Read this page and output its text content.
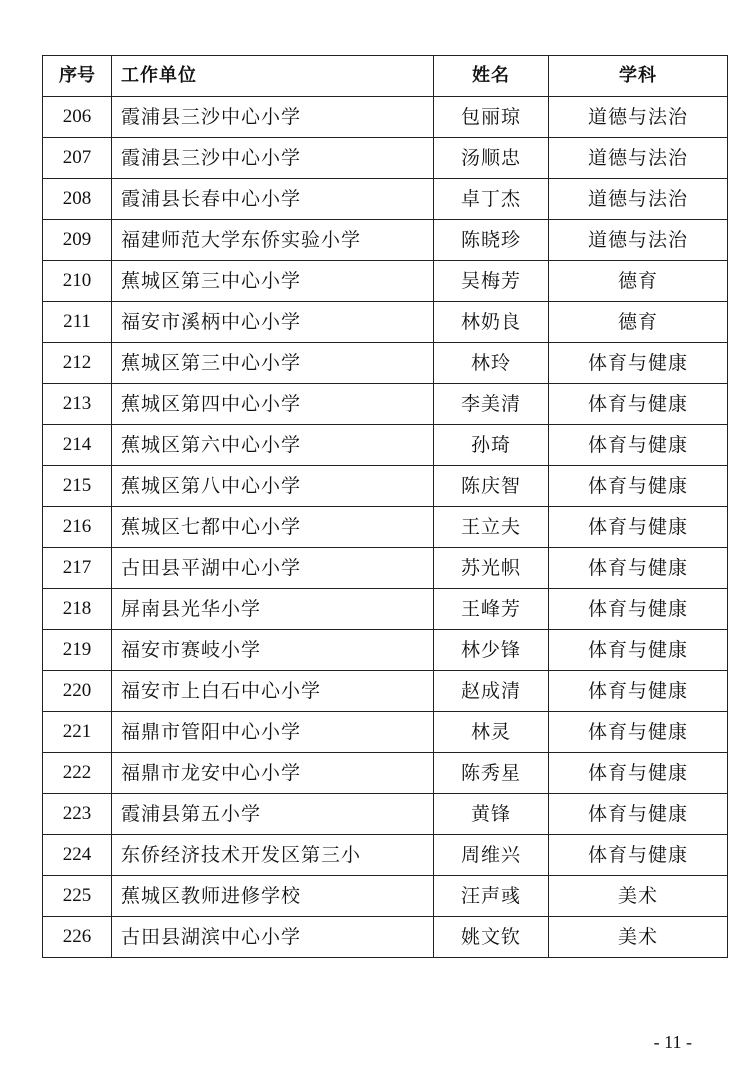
序号	工作单位	姓名	学科
206	霞浦县三沙中心小学	包丽琼	道德与法治
207	霞浦县三沙中心小学	汤顺忠	道德与法治
208	霞浦县长春中心小学	卓丁杰	道德与法治
209	福建师范大学东侨实验小学	陈晓珍	道德与法治
210	蕉城区第三中心小学	吴梅芳	德育
211	福安市溪柄中心小学	林奶良	德育
212	蕉城区第三中心小学	林玲	体育与健康
213	蕉城区第四中心小学	李美清	体育与健康
214	蕉城区第六中心小学	孙琦	体育与健康
215	蕉城区第八中心小学	陈庆智	体育与健康
216	蕉城区七都中心小学	王立夫	体育与健康
217	古田县平湖中心小学	苏光帜	体育与健康
218	屏南县光华小学	王峰芳	体育与健康
219	福安市赛岐小学	林少锋	体育与健康
220	福安市上白石中心小学	赵成清	体育与健康
221	福鼎市管阳中心小学	林灵	体育与健康
222	福鼎市龙安中心小学	陈秀星	体育与健康
223	霞浦县第五小学	黄锋	体育与健康
224	东侨经济技术开发区第三小	周维兴	体育与健康
225	蕉城区教师进修学校	汪声彧	美术
226	古田县湖滨中心小学	姚文钦	美术
- 11 -
